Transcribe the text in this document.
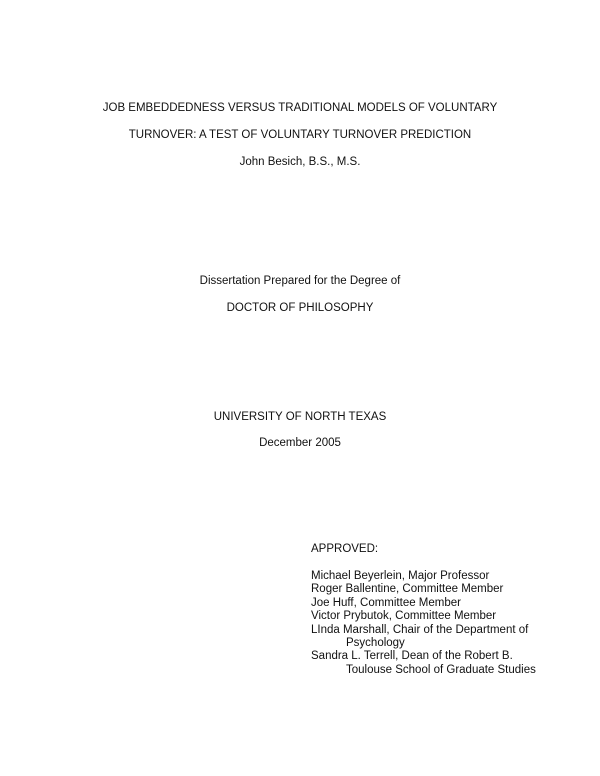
JOB EMBEDDEDNESS VERSUS TRADITIONAL MODELS OF VOLUNTARY
TURNOVER: A TEST OF VOLUNTARY TURNOVER PREDICTION
John Besich, B.S., M.S.
Dissertation Prepared for the Degree of
DOCTOR OF PHILOSOPHY
UNIVERSITY OF NORTH TEXAS
December 2005
APPROVED:
Michael Beyerlein, Major Professor
Roger Ballentine, Committee Member
Joe Huff, Committee Member
Victor Prybutok, Committee Member
LInda Marshall, Chair of the Department of
Psychology
Sandra L. Terrell, Dean of the Robert B.
Toulouse School of Graduate Studies
